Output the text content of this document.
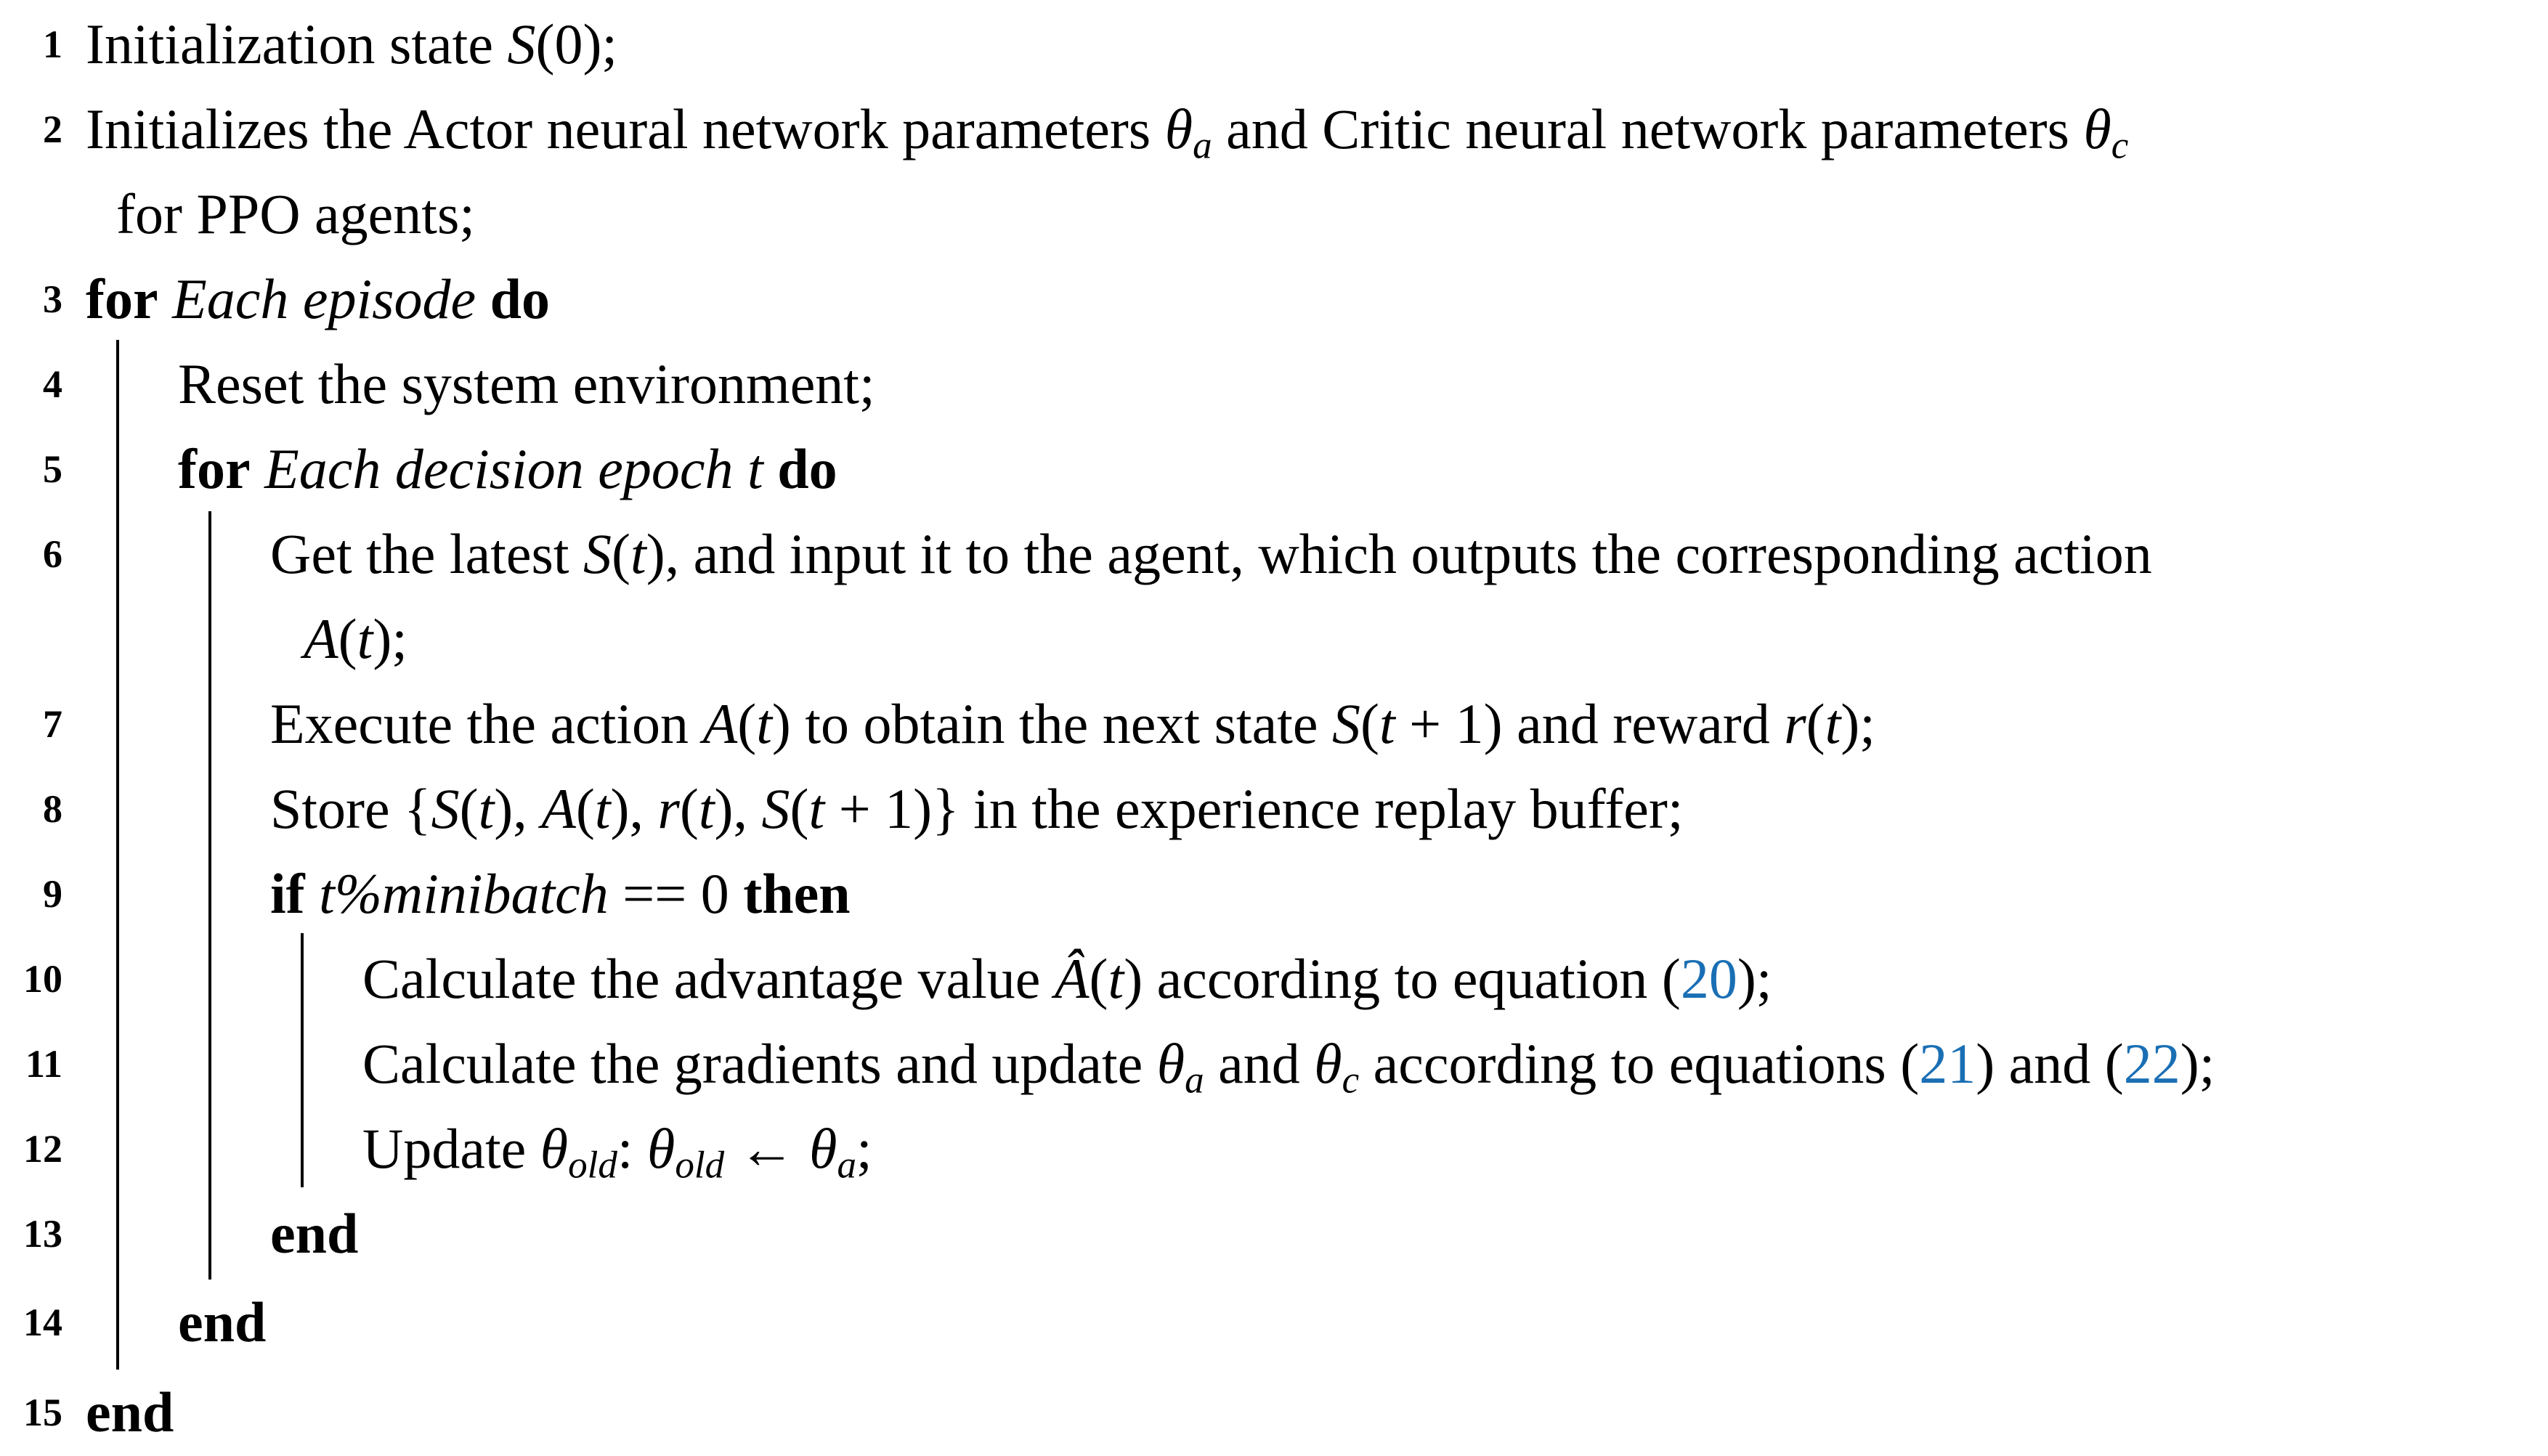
1 Initialization state S(0);
2 Initializes the Actor neural network parameters $\theta_a$ and Critic neural network parameters $\theta_c$
for PPO agents;
3 for Each episode do
4 Reset the system environment;
5 for Each decision epoch t do
6	Get the latest S(t), and input it to the agent, which outputs the corresponding action
A(t);
7	Execute the action A(t) to obtain the next state S(t + 1) and reward r(t);
8	Store {S(t), A(t), r(t), S(t + 1)} in the experience replay buffer;
9	if t%minibatch == 0 then
10	Calculate the advantage value Â(t) according to equation (20);
11	Calculate the gradients and update $\theta_a$ and $\theta_c$ according to equations (21) and (22);
12	Update $\theta_{old}$: $\theta_{old}$ ← $\theta_a$;
13	end
14 end
15 end
